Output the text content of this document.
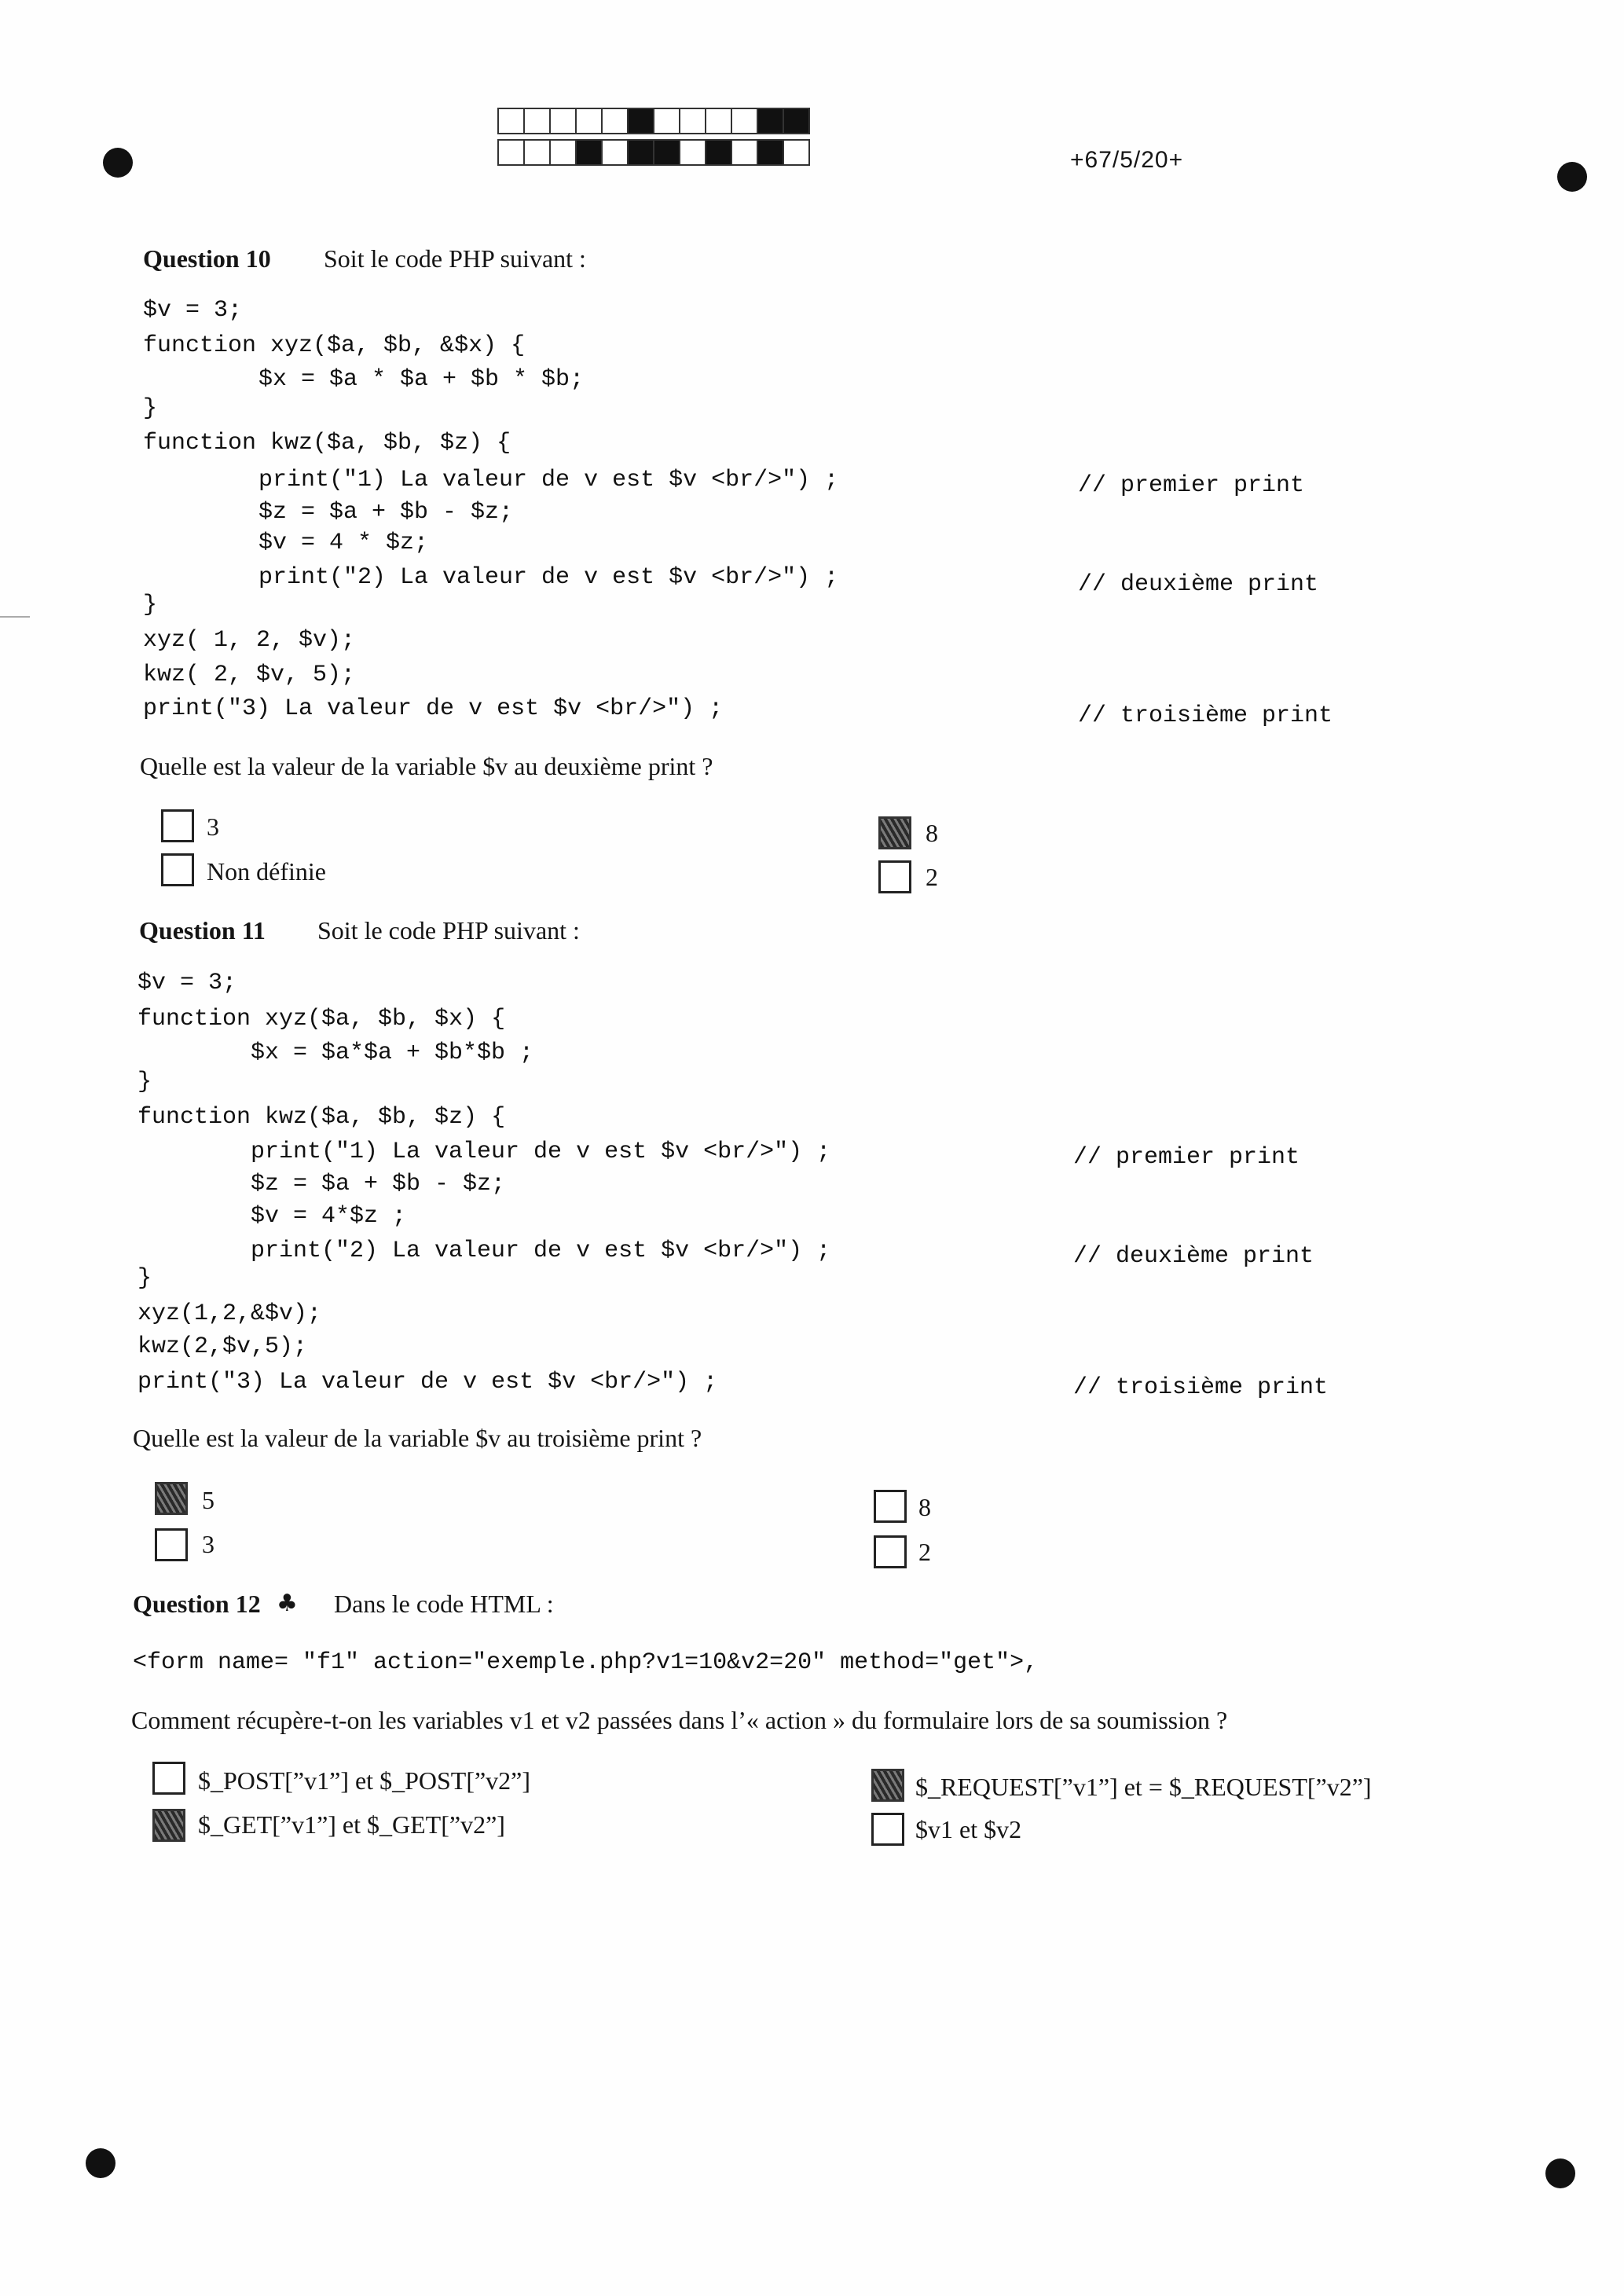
+67/5/20+
Question 10 Soit le code PHP suivant :
$v = 3;
function xyz($a, $b, &$x) {
$x = $a * $a + $b * $b;
}
function kwz($a, $b, $z) {
print("1) La valeur de v est $v <br/>") ;
$z = $a + $b - $z;
$v = 4 * $z;
print("2) La valeur de v est $v <br/>") ;
}
xyz( 1, 2, $v);
kwz( 2, $v, 5);
print("3) La valeur de v est $v <br/>") ;
// premier print
// deuxième print
// troisième print
Quelle est la valeur de la variable $v au deuxième print ?
3
Non définie
8
2
Question 11 Soit le code PHP suivant :
$v = 3;
function xyz($a, $b, $x) {
$x = $a*$a + $b*$b ;
}
function kwz($a, $b, $z) {
print("1) La valeur de v est $v <br/>") ;
$z = $a + $b - $z;
$v = 4*$z ;
print("2) La valeur de v est $v <br/>") ;
}
xyz(1,2,&$v);
kwz(2,$v,5);
print("3) La valeur de v est $v <br/>") ;
// premier print
// deuxième print
// troisième print
Quelle est la valeur de la variable $v au troisième print ?
5
3
8
2
Question 12 ♣ Dans le code HTML :
<form name= "f1" action="exemple.php?v1=10&v2=20" method="get">,
Comment récupère-t-on les variables v1 et v2 passées dans l’« action » du formulaire lors de sa soumission ?
$_POST[”v1”] et $_POST[”v2”]
$_GET[”v1”] et $_GET[”v2”]
$_REQUEST[”v1”] et = $_REQUEST[”v2”]
$v1 et $v2
